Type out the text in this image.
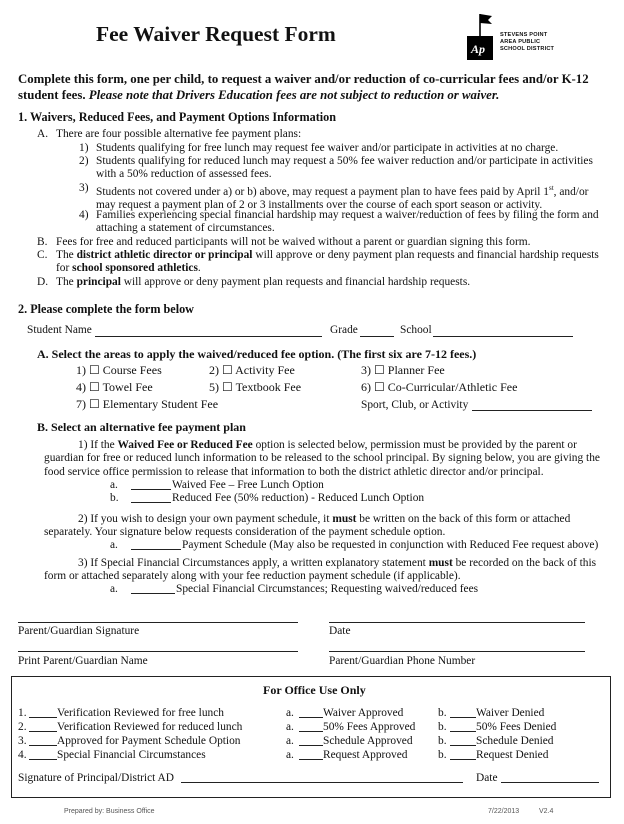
Fee Waiver Request Form
Ap
STEVENS POINT
AREA PUBLIC
SCHOOL DISTRICT
Complete this form, one per child, to request a waiver and/or reduction of co-curricular fees and/or K-12 student fees. Please note that Drivers Education fees are not subject to reduction or waiver.
1. Waivers, Reduced Fees, and Payment Options Information
A. There are four possible alternative fee payment plans:
1) Students qualifying for free lunch may request fee waiver and/or participate in activities at no charge.
2) Students qualifying for reduced lunch may request a 50% fee waiver reduction and/or participate in activities with a 50% reduction of assessed fees.
3) Students not covered under a) or b) above, may request a payment plan to have fees paid by April 1st, and/or may request a payment plan of 2 or 3 installments over the course of each sport season or activity.
4) Families experiencing special financial hardship may request a waiver/reduction of fees by filing the form and attaching a statement of circumstances.
B. Fees for free and reduced participants will not be waived without a parent or guardian signing this form.
C. The district athletic director or principal will approve or deny payment plan requests and financial hardship requests for school sponsored athletics.
D. The principal will approve or deny payment plan requests and financial hardship requests.
2. Please complete the form below
Student Name	Grade	School
A. Select the areas to apply the waived/reduced fee option. (The first six are 7-12 fees.)
1) ☐ Course Fees	2) ☐ Activity Fee	3) ☐ Planner Fee
4) ☐ Towel Fee	5) ☐ Textbook Fee	6) ☐ Co-Curricular/Athletic Fee
7) ☐ Elementary Student Fee	Sport, Club, or Activity
B. Select an alternative fee payment plan
1) If the Waived Fee or Reduced Fee option is selected below, permission must be provided by the parent or guardian for free or reduced lunch information to be released to the school principal. By signing below, you are giving the food service office permission to release that information to both the district athletic director and/or principal.
a.	Waived Fee – Free Lunch Option
b.	Reduced Fee (50% reduction) - Reduced Lunch Option
2) If you wish to design your own payment schedule, it must be written on the back of this form or attached separately. Your signature below requests consideration of the payment schedule option.
a.	Payment Schedule (May also be requested in conjunction with Reduced Fee request above)
3) If Special Financial Circumstances apply, a written explanatory statement must be recorded on the back of this form or attached separately along with your fee reduction payment schedule (if applicable).
a.	Special Financial Circumstances; Requesting waived/reduced fees
Parent/Guardian Signature	Date
Print Parent/Guardian Name	Parent/Guardian Phone Number
For Office Use Only
1.	Verification Reviewed for free lunch	a.	Waiver Approved	b.	Waiver Denied
2.	Verification Reviewed for reduced lunch	a.	50% Fees Approved b.	50% Fees Denied
3.	Approved for Payment Schedule Option	a.	Schedule Approved b.	Schedule Denied
4.	Special Financial Circumstances	a.	Request Approved	b.	Request Denied
Signature of Principal/District AD	Date
Prepared by: Business Office	7/22/2013	V2.4
